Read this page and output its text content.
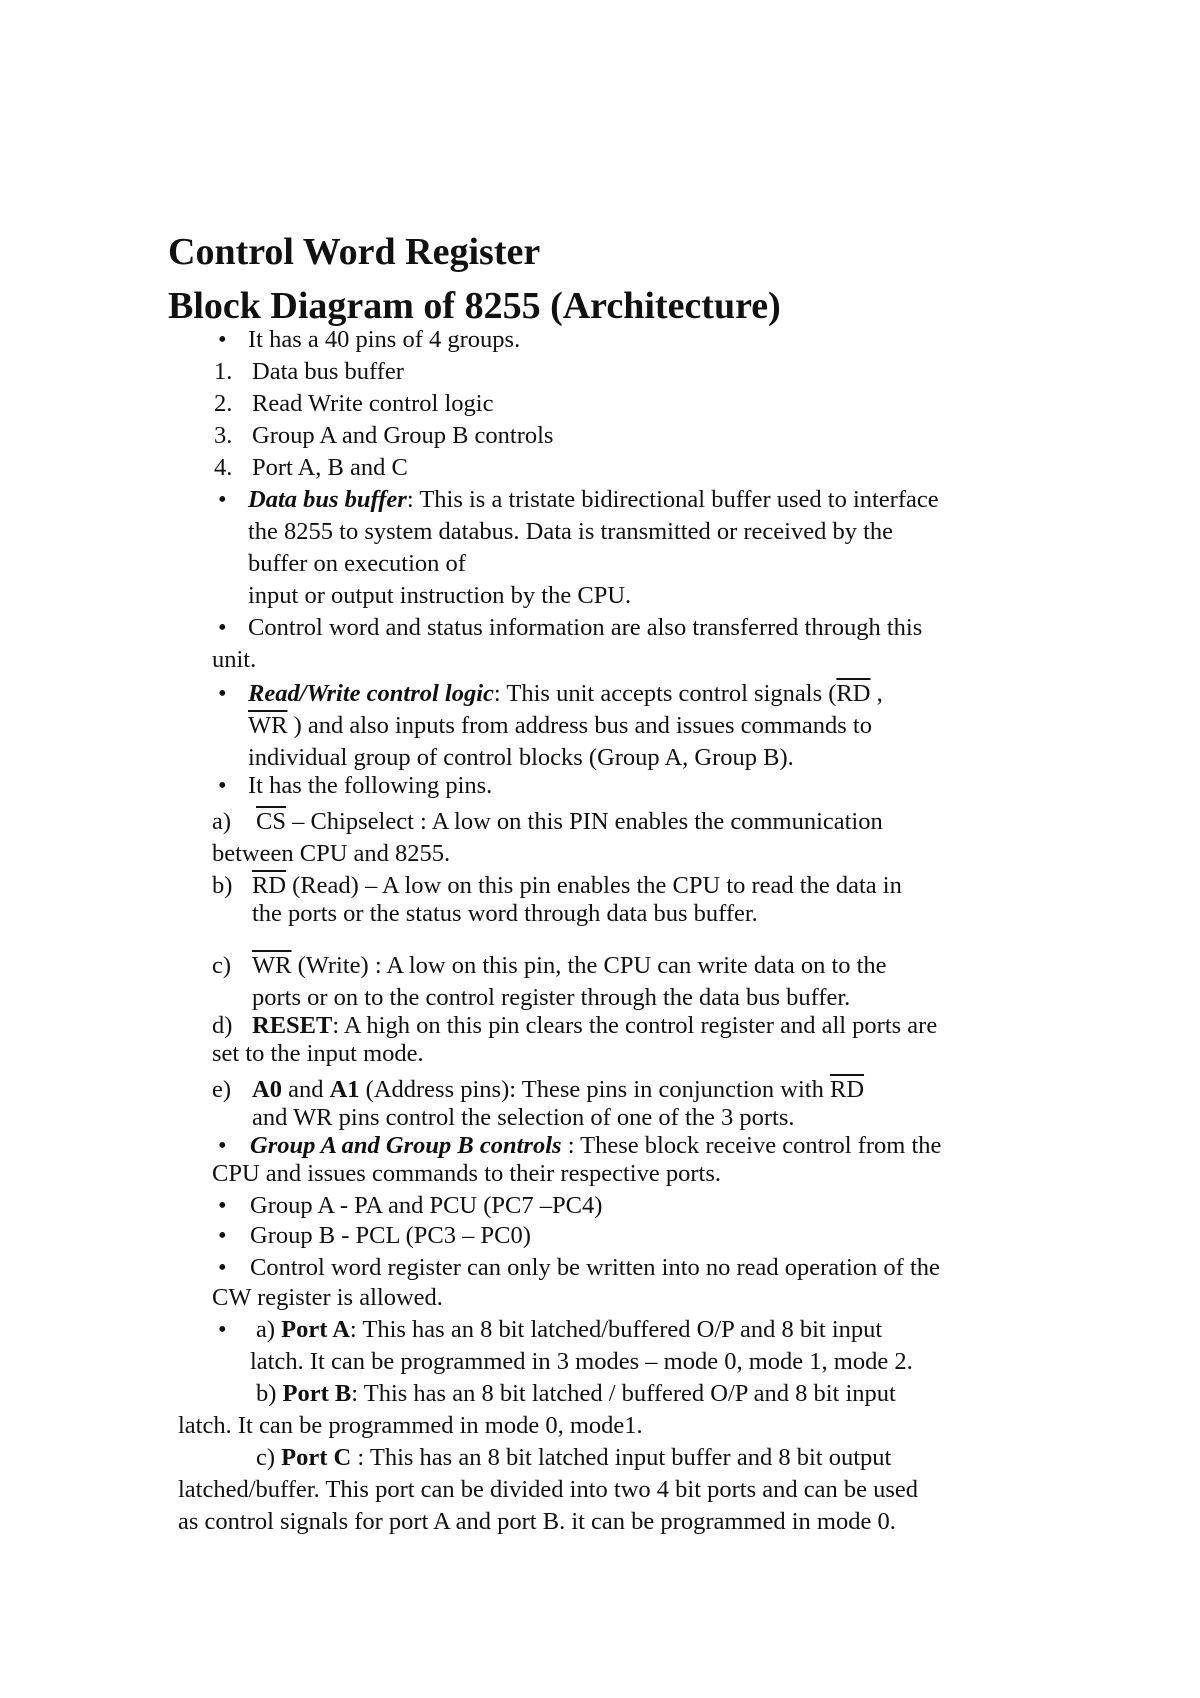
Control Word Register
Block Diagram of 8255 (Architecture)
• It has a 40 pins of 4 groups.
1. Data bus buffer
2. Read Write control logic
3. Group A and Group B controls
4. Port A, B and C
• Data bus buffer: This is a tristate bidirectional buffer used to interface
the 8255 to system databus. Data is transmitted or received by the
buffer on execution of
input or output instruction by the CPU.
• Control word and status information are also transferred through this
unit.
• Read/Write control logic: This unit accepts control signals ($\overline{RD}$ ,
$\overline{WR}$ ) and also inputs from address bus and issues commands to
individual group of control blocks (Group A, Group B).
• It has the following pins.
a) $\overline{CS}$ – Chipselect : A low on this PIN enables the communication
between CPU and 8255.
b) $\overline{RD}$ (Read) – A low on this pin enables the CPU to read the data in
the ports or the status word through data bus buffer.
c) $\overline{WR}$ (Write) : A low on this pin, the CPU can write data on to the
ports or on to the control register through the data bus buffer.
d) RESET: A high on this pin clears the control register and all ports are
set to the input mode.
e) A0 and A1 (Address pins): These pins in conjunction with $\overline{RD}$
and WR pins control the selection of one of the 3 ports.
• Group A and Group B controls : These block receive control from the
CPU and issues commands to their respective ports.
• Group A - PA and PCU (PC7 –PC4)
• Group B - PCL (PC3 – PC0)
• Control word register can only be written into no read operation of the
CW register is allowed.
• a) Port A: This has an 8 bit latched/buffered O/P and 8 bit input
latch. It can be programmed in 3 modes – mode 0, mode 1, mode 2.
b) Port B: This has an 8 bit latched / buffered O/P and 8 bit input
latch. It can be programmed in mode 0, mode1.
c) Port C : This has an 8 bit latched input buffer and 8 bit output
latched/buffer. This port can be divided into two 4 bit ports and can be used
as control signals for port A and port B. it can be programmed in mode 0.
